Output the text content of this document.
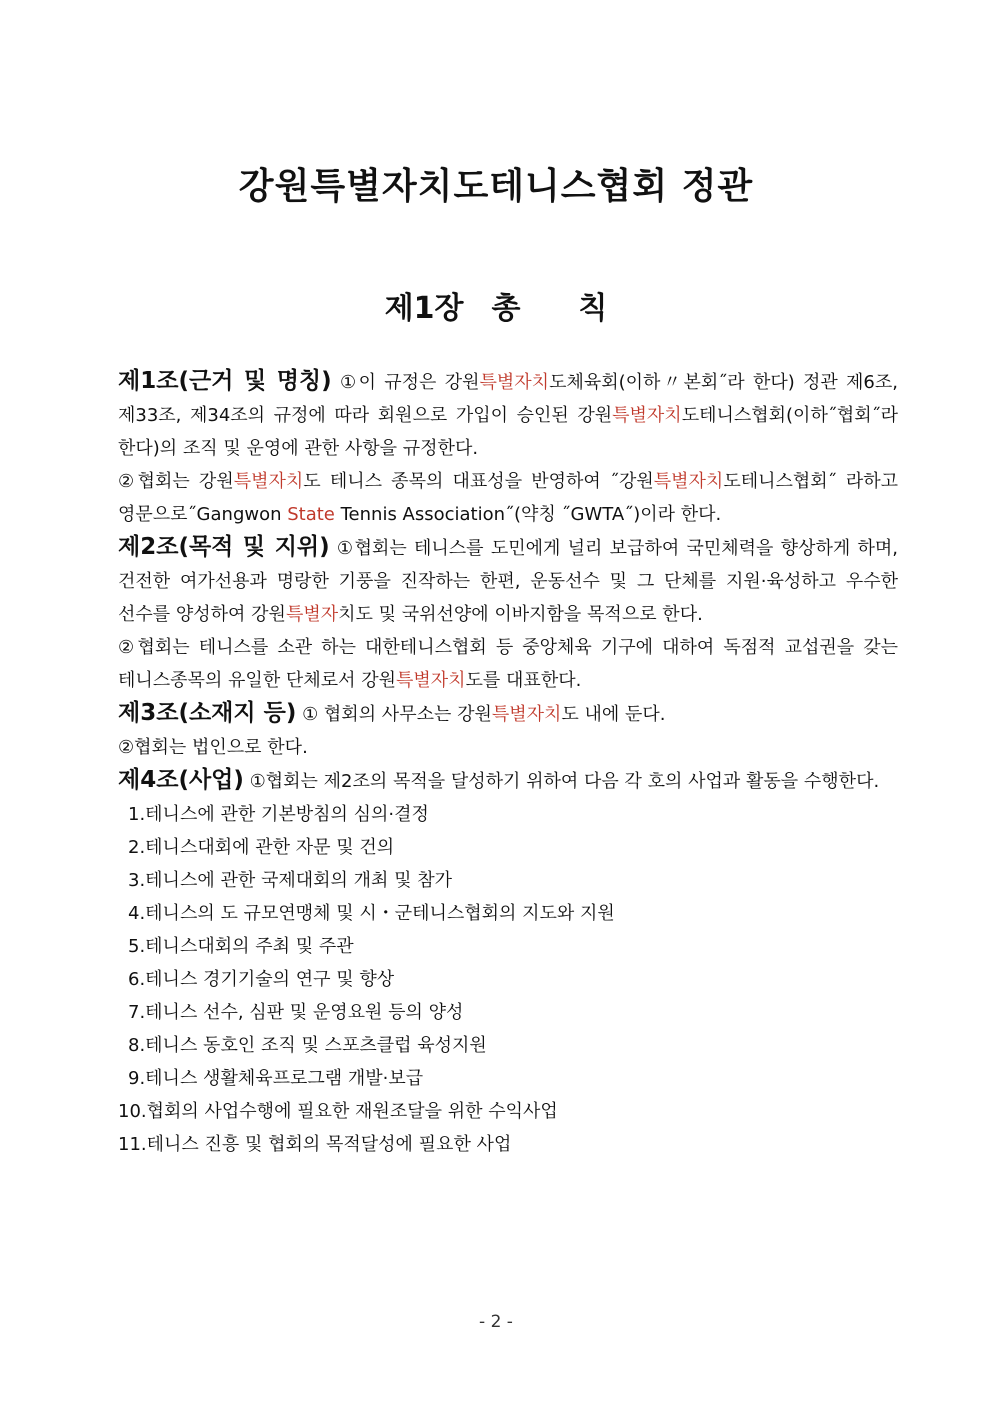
강원특별자치도테니스협회 정관
제1장 총 칙

제1조(근거 및 명칭) ①이 규정은 강원특별자치도체육회(이하〃본회˝라 한다) 정관 제6조, 제33조, 제34조의 규정에 따라 회원으로 가입이 승인된 강원특별자치도테니스협회(이하˝협회˝라 한다)의 조직 및 운영에 관한 사항을 규정한다.

②협회는 강원특별자치도 테니스 종목의 대표성을 반영하여 ˝강원특별자치도테니스협회˝ 라하고 영문으로˝Gangwon State Tennis Association˝(약칭 ˝GWTA˝)이라 한다.

제2조(목적 및 지위) ①협회는 테니스를 도민에게 널리 보급하여 국민체력을 향상하게 하며, 건전한 여가선용과 명랑한 기풍을 진작하는 한편, 운동선수 및 그 단체를 지원·육성하고 우수한 선수를 양성하여 강원특별자치도 및 국위선양에 이바지함을 목적으로 한다.

②협회는 테니스를 소관 하는 대한테니스협회 등 중앙체육 기구에 대하여 독점적 교섭권을 갖는 테니스종목의 유일한 단체로서 강원특별자치도를 대표한다.

제3조(소재지 등) ① 협회의 사무소는 강원특별자치도 내에 둔다.

②협회는 법인으로 한다.

제4조(사업) ①협회는 제2조의 목적을 달성하기 위하여 다음 각 호의 사업과 활동을 수행한다.

1.테니스에 관한 기본방침의 심의·결정
2.테니스대회에 관한 자문 및 건의
3.테니스에 관한 국제대회의 개최 및 참가
4.테니스의 도 규모연맹체 및 시・군테니스협회의 지도와 지원
5.테니스대회의 주최 및 주관
6.테니스 경기기술의 연구 및 향상
7.테니스 선수, 심판 및 운영요원 등의 양성
8.테니스 동호인 조직 및 스포츠클럽 육성지원
9.테니스 생활체육프로그램 개발·보급
10.협회의 사업수행에 필요한 재원조달을 위한 수익사업
11.테니스 진흥 및 협회의 목적달성에 필요한 사업
- 2 -
